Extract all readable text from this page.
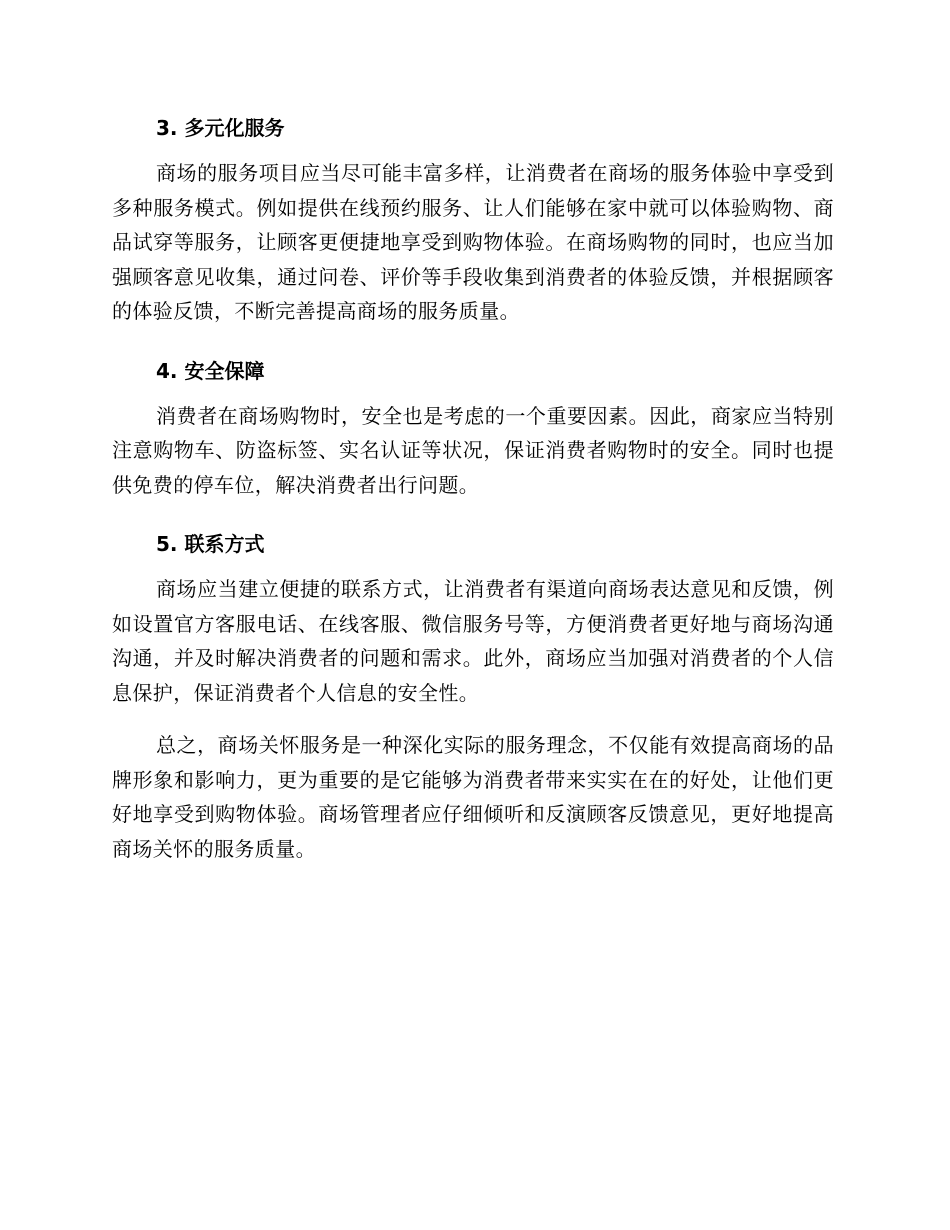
3. 多元化服务

商场的服务项目应当尽可能丰富多样，让消费者在商场的服务体验中享受到多种服务模式。例如提供在线预约服务、让人们能够在家中就可以体验购物、商品试穿等服务，让顾客更便捷地享受到购物体验。在商场购物的同时，也应当加强顾客意见收集，通过问卷、评价等手段收集到消费者的体验反馈，并根据顾客的体验反馈，不断完善提高商场的服务质量。

4. 安全保障

消费者在商场购物时，安全也是考虑的一个重要因素。因此，商家应当特别注意购物车、防盗标签、实名认证等状况，保证消费者购物时的安全。同时也提供免费的停车位，解决消费者出行问题。

5. 联系方式

商场应当建立便捷的联系方式，让消费者有渠道向商场表达意见和反馈，例如设置官方客服电话、在线客服、微信服务号等，方便消费者更好地与商场沟通沟通，并及时解决消费者的问题和需求。此外，商场应当加强对消费者的个人信息保护，保证消费者个人信息的安全性。

总之，商场关怀服务是一种深化实际的服务理念，不仅能有效提高商场的品牌形象和影响力，更为重要的是它能够为消费者带来实实在在的好处，让他们更好地享受到购物体验。商场管理者应仔细倾听和反演顾客反馈意见，更好地提高商场关怀的服务质量。
